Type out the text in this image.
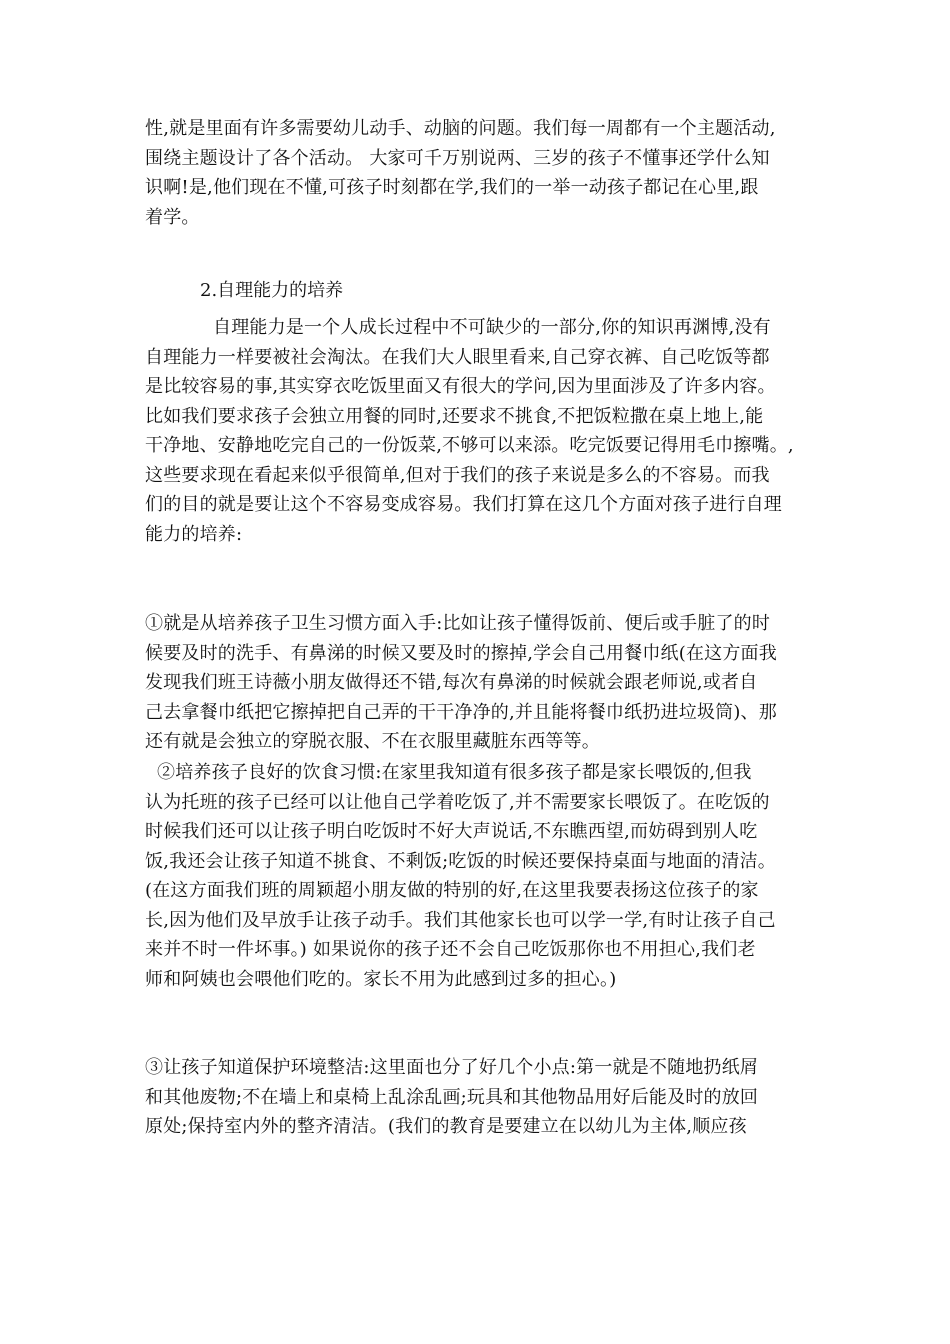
性,就是里面有许多需要幼儿动手、动脑的问题。我们每一周都有一个主题活动,
围绕主题设计了各个活动。 大家可千万别说两、三岁的孩子不懂事还学什么知
识啊!是,他们现在不懂,可孩子时刻都在学,我们的一举一动孩子都记在心里,跟
着学。
2.自理能力的培养
自理能力是一个人成长过程中不可缺少的一部分,你的知识再渊博,没有
自理能力一样要被社会淘汰。在我们大人眼里看来,自己穿衣裤、自己吃饭等都
是比较容易的事,其实穿衣吃饭里面又有很大的学问,因为里面涉及了许多内容。
比如我们要求孩子会独立用餐的同时,还要求不挑食,不把饭粒撒在桌上地上,能
干净地、安静地吃完自己的一份饭菜,不够可以来添。吃完饭要记得用毛巾擦嘴。,
这些要求现在看起来似乎很简单,但对于我们的孩子来说是多么的不容易。而我
们的目的就是要让这个不容易变成容易。我们打算在这几个方面对孩子进行自理
能力的培养:
①就是从培养孩子卫生习惯方面入手:比如让孩子懂得饭前、便后或手脏了的时
候要及时的洗手、有鼻涕的时候又要及时的擦掉,学会自己用餐巾纸(在这方面我
发现我们班王诗薇小朋友做得还不错,每次有鼻涕的时候就会跟老师说,或者自
己去拿餐巾纸把它擦掉把自己弄的干干净净的,并且能将餐巾纸扔进垃圾筒)、那
还有就是会独立的穿脱衣服、不在衣服里藏脏东西等等。
②培养孩子良好的饮食习惯:在家里我知道有很多孩子都是家长喂饭的,但我
认为托班的孩子已经可以让他自己学着吃饭了,并不需要家长喂饭了。在吃饭的
时候我们还可以让孩子明白吃饭时不好大声说话,不东瞧西望,而妨碍到别人吃
饭,我还会让孩子知道不挑食、不剩饭;吃饭的时候还要保持桌面与地面的清洁。
(在这方面我们班的周颖超小朋友做的特别的好,在这里我要表扬这位孩子的家
长,因为他们及早放手让孩子动手。我们其他家长也可以学一学,有时让孩子自己
来并不时一件坏事。) 如果说你的孩子还不会自己吃饭那你也不用担心,我们老
师和阿姨也会喂他们吃的。家长不用为此感到过多的担心。)
③让孩子知道保护环境整洁:这里面也分了好几个小点:第一就是不随地扔纸屑
和其他废物;不在墙上和桌椅上乱涂乱画;玩具和其他物品用好后能及时的放回
原处;保持室内外的整齐清洁。(我们的教育是要建立在以幼儿为主体,顺应孩
